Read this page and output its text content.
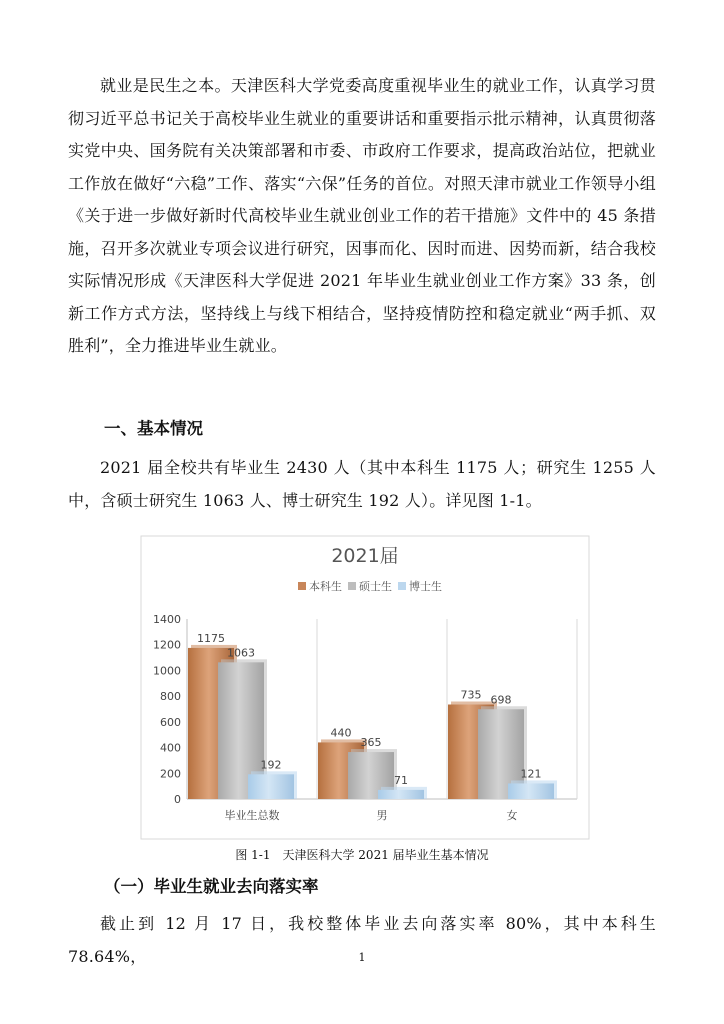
就业是民生之本。天津医科大学党委高度重视毕业生的就业工作，认真学习贯彻习近平总书记关于高校毕业生就业的重要讲话和重要指示批示精神，认真贯彻落实党中央、国务院有关决策部署和市委、市政府工作要求，提高政治站位，把就业工作放在做好“六稳”工作、落实“六保”任务的首位。对照天津市就业工作领导小组《关于进一步做好新时代高校毕业生就业创业工作的若干措施》文件中的 45 条措施，召开多次就业专项会议进行研究，因事而化、因时而进、因势而新，结合我校实际情况形成《天津医科大学促进 2021 年毕业生就业创业工作方案》33 条，创新工作方式方法，坚持线上与线下相结合，坚持疫情防控和稳定就业“两手抓、双胜利”，全力推进毕业生就业。
一、基本情况
2021 届全校共有毕业生 2430 人（其中本科生 1175 人；研究生 1255 人中，含硕士研究生 1063 人、博士研究生 192 人）。详见图 1-1。
2021届
本科生 硕士生 博士生
0
200
400
600
800
1000
1200
1400
毕业生总数	男	女
1175
1063
192
440
365
71
735 698
121
图 1-1　天津医科大学 2021 届毕业生基本情况
（一）毕业生就业去向落实率
截止到 12 月 17 日，我校整体毕业去向落实率 80%，其中本科生 78.64%，	1
